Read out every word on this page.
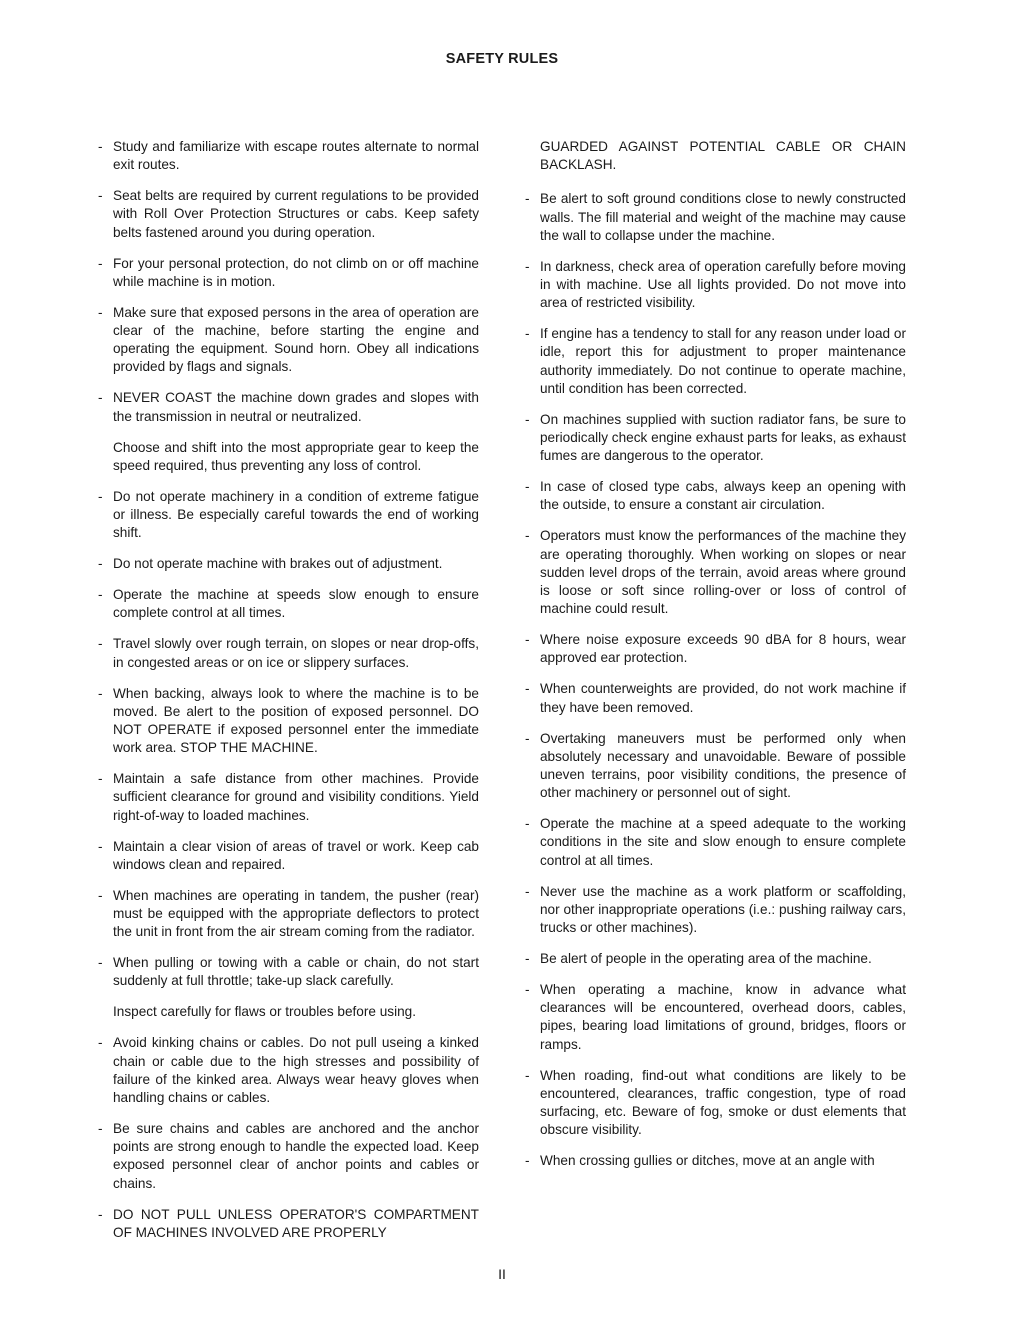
SAFETY RULES
- Study and familiarize with escape routes alternate to normal exit routes.
- Seat belts are required by current regulations to be provided with Roll Over Protection Structures or cabs. Keep safety belts fastened around you during operation.
- For your personal protection, do not climb on or off machine while machine is in motion.
- Make sure that exposed persons in the area of operation are clear of the machine, before starting the engine and operating the equipment. Sound horn. Obey all indications provided by flags and signals.
- NEVER COAST the machine down grades and slopes with the transmission in neutral or neutralized.
Choose and shift into the most appropriate gear to keep the speed required, thus preventing any loss of control.
- Do not operate machinery in a condition of extreme fatigue or illness. Be especially careful towards the end of working shift.
- Do not operate machine with brakes out of adjustment.
- Operate the machine at speeds slow enough to ensure complete control at all times.
- Travel slowly over rough terrain, on slopes or near drop-offs, in congested areas or on ice or slippery surfaces.
- When backing, always look to where the machine is to be moved. Be alert to the position of exposed personnel. DO NOT OPERATE if exposed personnel enter the immediate work area. STOP THE MACHINE.
- Maintain a safe distance from other machines. Provide sufficient clearance for ground and visibility conditions. Yield right-of-way to loaded machines.
- Maintain a clear vision of areas of travel or work. Keep cab windows clean and repaired.
- When machines are operating in tandem, the pusher (rear) must be equipped with the appropriate deflectors to protect the unit in front from the air stream coming from the radiator.
- When pulling or towing with a cable or chain, do not start suddenly at full throttle; take-up slack carefully.
Inspect carefully for flaws or troubles before using.
- Avoid kinking chains or cables. Do not pull useing a kinked chain or cable due to the high stresses and possibility of failure of the kinked area. Always wear heavy gloves when handling chains or cables.
- Be sure chains and cables are anchored and the anchor points are strong enough to handle the expected load. Keep exposed personnel clear of anchor points and cables or chains.
- DO NOT PULL UNLESS OPERATOR'S COMPARTMENT OF MACHINES INVOLVED ARE PROPERLY
GUARDED AGAINST POTENTIAL CABLE OR CHAIN BACKLASH.
- Be alert to soft ground conditions close to newly constructed walls. The fill material and weight of the machine may cause the wall to collapse under the machine.
- In darkness, check area of operation carefully before moving in with machine. Use all lights provided. Do not move into area of restricted visibility.
- If engine has a tendency to stall for any reason under load or idle, report this for adjustment to proper maintenance authority immediately. Do not continue to operate machine, until condition has been corrected.
- On machines supplied with suction radiator fans, be sure to periodically check engine exhaust parts for leaks, as exhaust fumes are dangerous to the operator.
- In case of closed type cabs, always keep an opening with the outside, to ensure a constant air circulation.
- Operators must know the performances of the machine they are operating thoroughly. When working on slopes or near sudden level drops of the terrain, avoid areas where ground is loose or soft since rolling-over or loss of control of machine could result.
- Where noise exposure exceeds 90 dBA for 8 hours, wear approved ear protection.
- When counterweights are provided, do not work machine if they have been removed.
- Overtaking maneuvers must be performed only when absolutely necessary and unavoidable. Beware of possible uneven terrains, poor visibility conditions, the presence of other machinery or personnel out of sight.
- Operate the machine at a speed adequate to the working conditions in the site and slow enough to ensure complete control at all times.
- Never use the machine as a work platform or scaffolding, nor other inappropriate operations (i.e.: pushing railway cars, trucks or other machines).
- Be alert of people in the operating area of the machine.
- When operating a machine, know in advance what clearances will be encountered, overhead doors, cables, pipes, bearing load limitations of ground, bridges, floors or ramps.
- When roading, find-out what conditions are likely to be encountered, clearances, traffic congestion, type of road surfacing, etc. Beware of fog, smoke or dust elements that obscure visibility.
- When crossing gullies or ditches, move at an angle with
II
